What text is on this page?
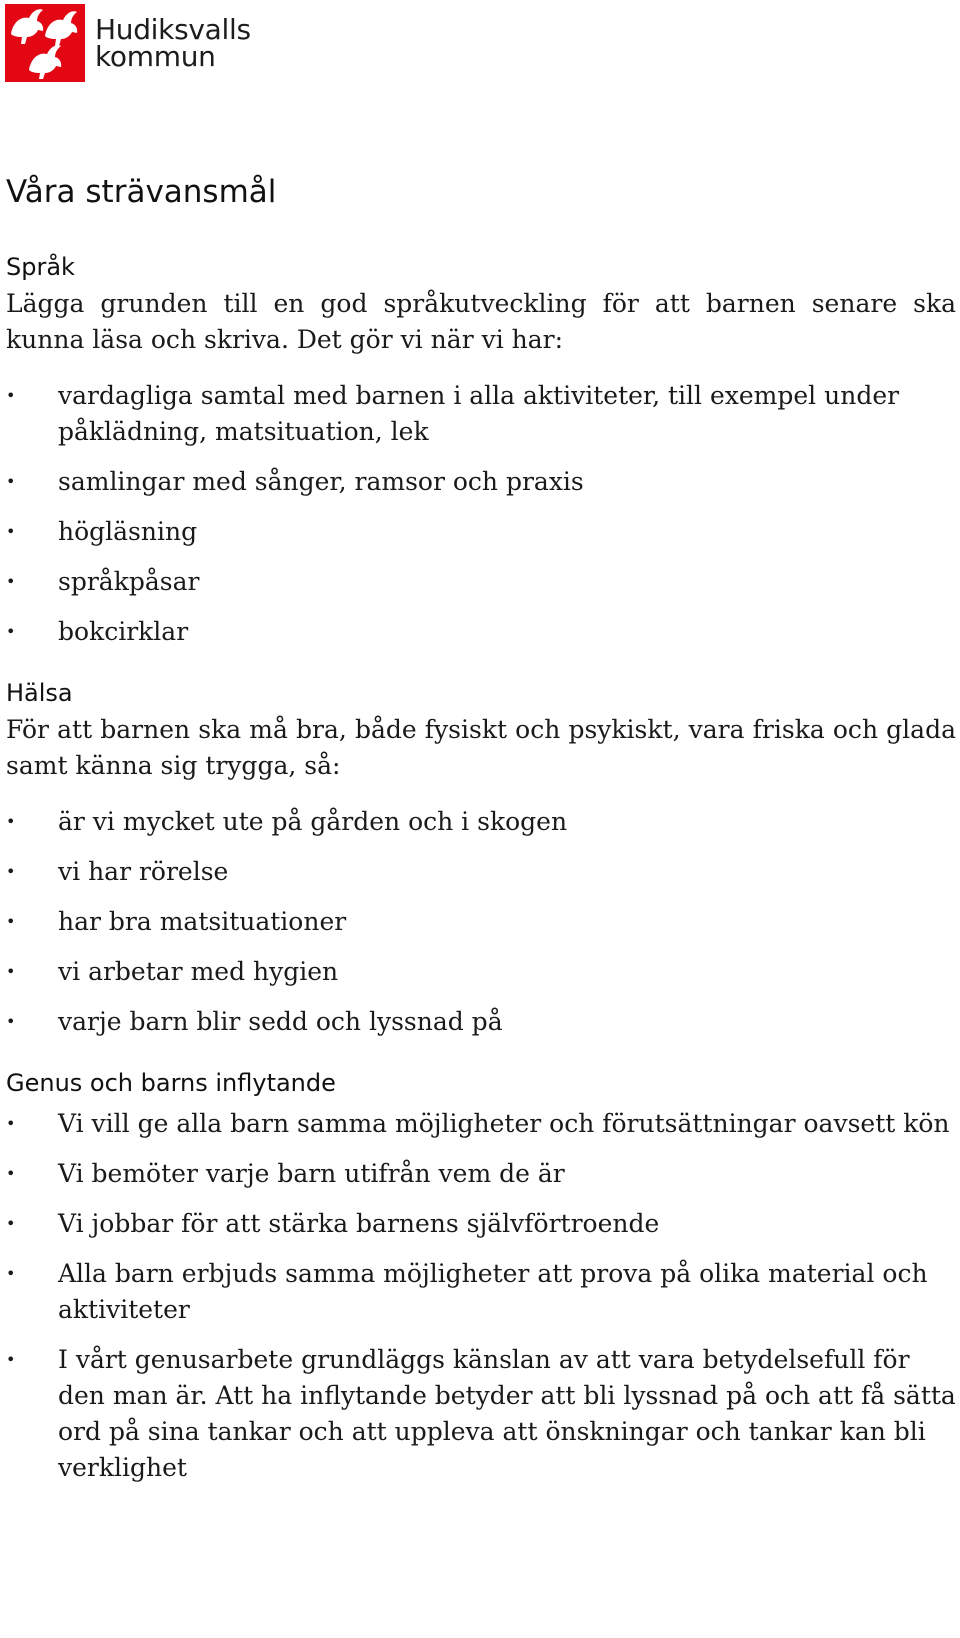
Hudiksvalls
kommun
Våra strävansmål
Språk

Lägga grunden till en god språkutveckling för att barnen senare ska kunna läsa och skriva. Det gör vi när vi har:

• vardagliga samtal med barnen i alla aktiviteter, till exempel under påklädning, matsituation, lek
• samlingar med sånger, ramsor och praxis
• högläsning
• språkpåsar
• bokcirklar
Hälsa

För att barnen ska må bra, både fysiskt och psykiskt, vara friska och glada samt känna sig trygga, så:

• är vi mycket ute på gården och i skogen
• vi har rörelse
• har bra matsituationer
• vi arbetar med hygien
• varje barn blir sedd och lyssnad på
Genus och barns inflytande
• Vi vill ge alla barn samma möjligheter och förutsättningar oavsett kön
• Vi bemöter varje barn utifrån vem de är
• Vi jobbar för att stärka barnens självförtroende
• Alla barn erbjuds samma möjligheter att prova på olika material och aktiviteter
• I vårt genusarbete grundläggs känslan av att vara betydelsefull för den man är. Att ha inflytande betyder att bli lyssnad på och att få sätta ord på sina tankar och att uppleva att önskningar och tankar kan bli verklighet
